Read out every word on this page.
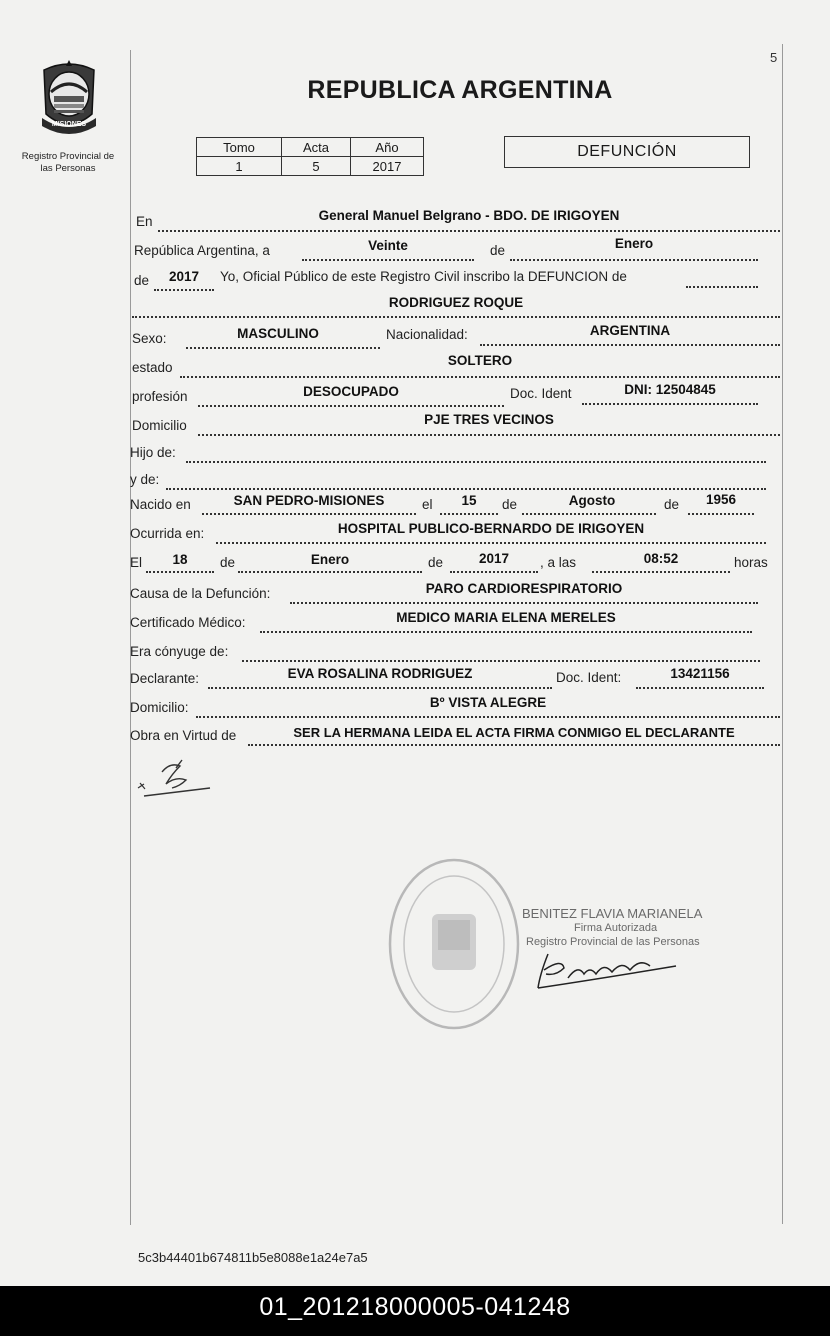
5
MISIONES
Registro Provincial de
las Personas
REPUBLICA ARGENTINA
Tomo	Acta	Año
1	5	2017
DEFUNCIÓN
En	General Manuel Belgrano - BDO. DE IRIGOYEN
República Argentina, a	Veinte	de	Enero
de	2017	Yo, Oficial Público de este Registro Civil inscribo la DEFUNCION de
RODRIGUEZ ROQUE
Sexo:	MASCULINO	Nacionalidad:	ARGENTINA
estado	SOLTERO
profesión	DESOCUPADO	Doc. Ident	DNI: 12504845
Domicilio	PJE TRES VECINOS
Hijo de:
y de:
Nacido en	SAN PEDRO-MISIONES	el	15	de	Agosto	de	1956
Ocurrida en:	HOSPITAL PUBLICO-BERNARDO DE IRIGOYEN
El	18	de	Enero	de	2017	, a las	08:52	horas
Causa de la Defunción:	PARO CARDIORESPIRATORIO
Certificado Médico:	MEDICO MARIA ELENA MERELES
Era cónyuge de:
Declarante:	EVA ROSALINA RODRIGUEZ	Doc. Ident:	13421156
Domicilio:	Bº VISTA ALEGRE
Obra en Virtud de	SER LA HERMANA LEIDA EL ACTA FIRMA CONMIGO EL DECLARANTE
BENITEZ FLAVIA MARIANELA
Firma Autorizada
Registro Provincial de las Personas
5c3b44401b674811b5e8088e1a24e7a5
01_201218000005-041248
